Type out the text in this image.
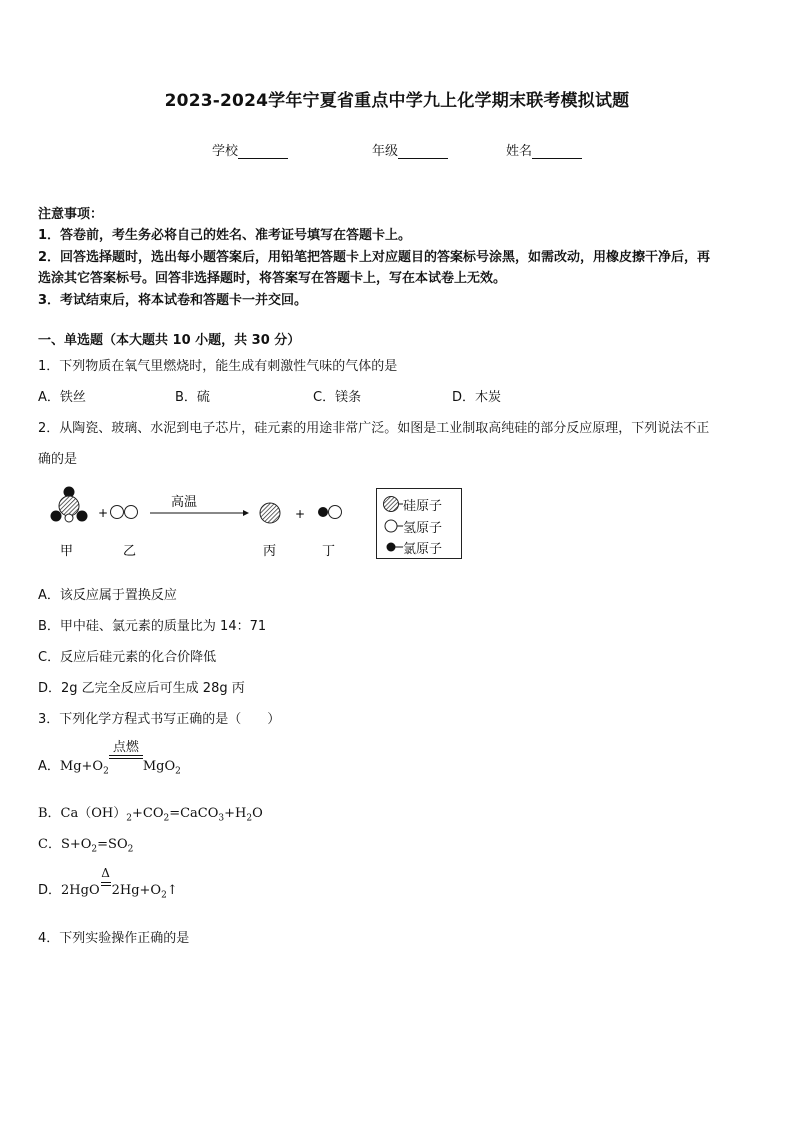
2023-2024学年宁夏省重点中学九上化学期末联考模拟试题
学校	年级	姓名
注意事项：
1．答卷前，考生务必将自己的姓名、准考证号填写在答题卡上。
2．回答选择题时，选出每小题答案后，用铅笔把答题卡上对应题目的答案标号涂黑，如需改动，用橡皮擦干净后，再
选涂其它答案标号。回答非选择题时，将答案写在答题卡上，写在本试卷上无效。
3．考试结束后，将本试卷和答题卡一并交回。
一、单选题（本大题共 10 小题，共 30 分）
1．下列物质在氧气里燃烧时，能生成有刺激性气味的气体的是
A．铁丝	B．硫	C．镁条	D．木炭
2．从陶瓷、玻璃、水泥到电子芯片，硅元素的用途非常广泛。如图是工业制取高纯硅的部分反应原理，下列说法不正
确的是
+
高温
+
甲	乙	丙	丁
硅原子
氢原子
氯原子
A．该反应属于置换反应
B．甲中硅、氯元素的质量比为 14：71
C．反应后硅元素的化合价降低
D．2g 乙完全反应后可生成 28g 丙
3．下列化学方程式书写正确的是（　　）
A．$Mg+O_2$
点燃
MgO$_2$
B．$Ca(OH)_2+CO_2=CaCO_3+H_2O$
C．$S+O_2=SO_2$
D．2HgO
Δ
$2Hg+O_2↑$
4．下列实验操作正确的是
